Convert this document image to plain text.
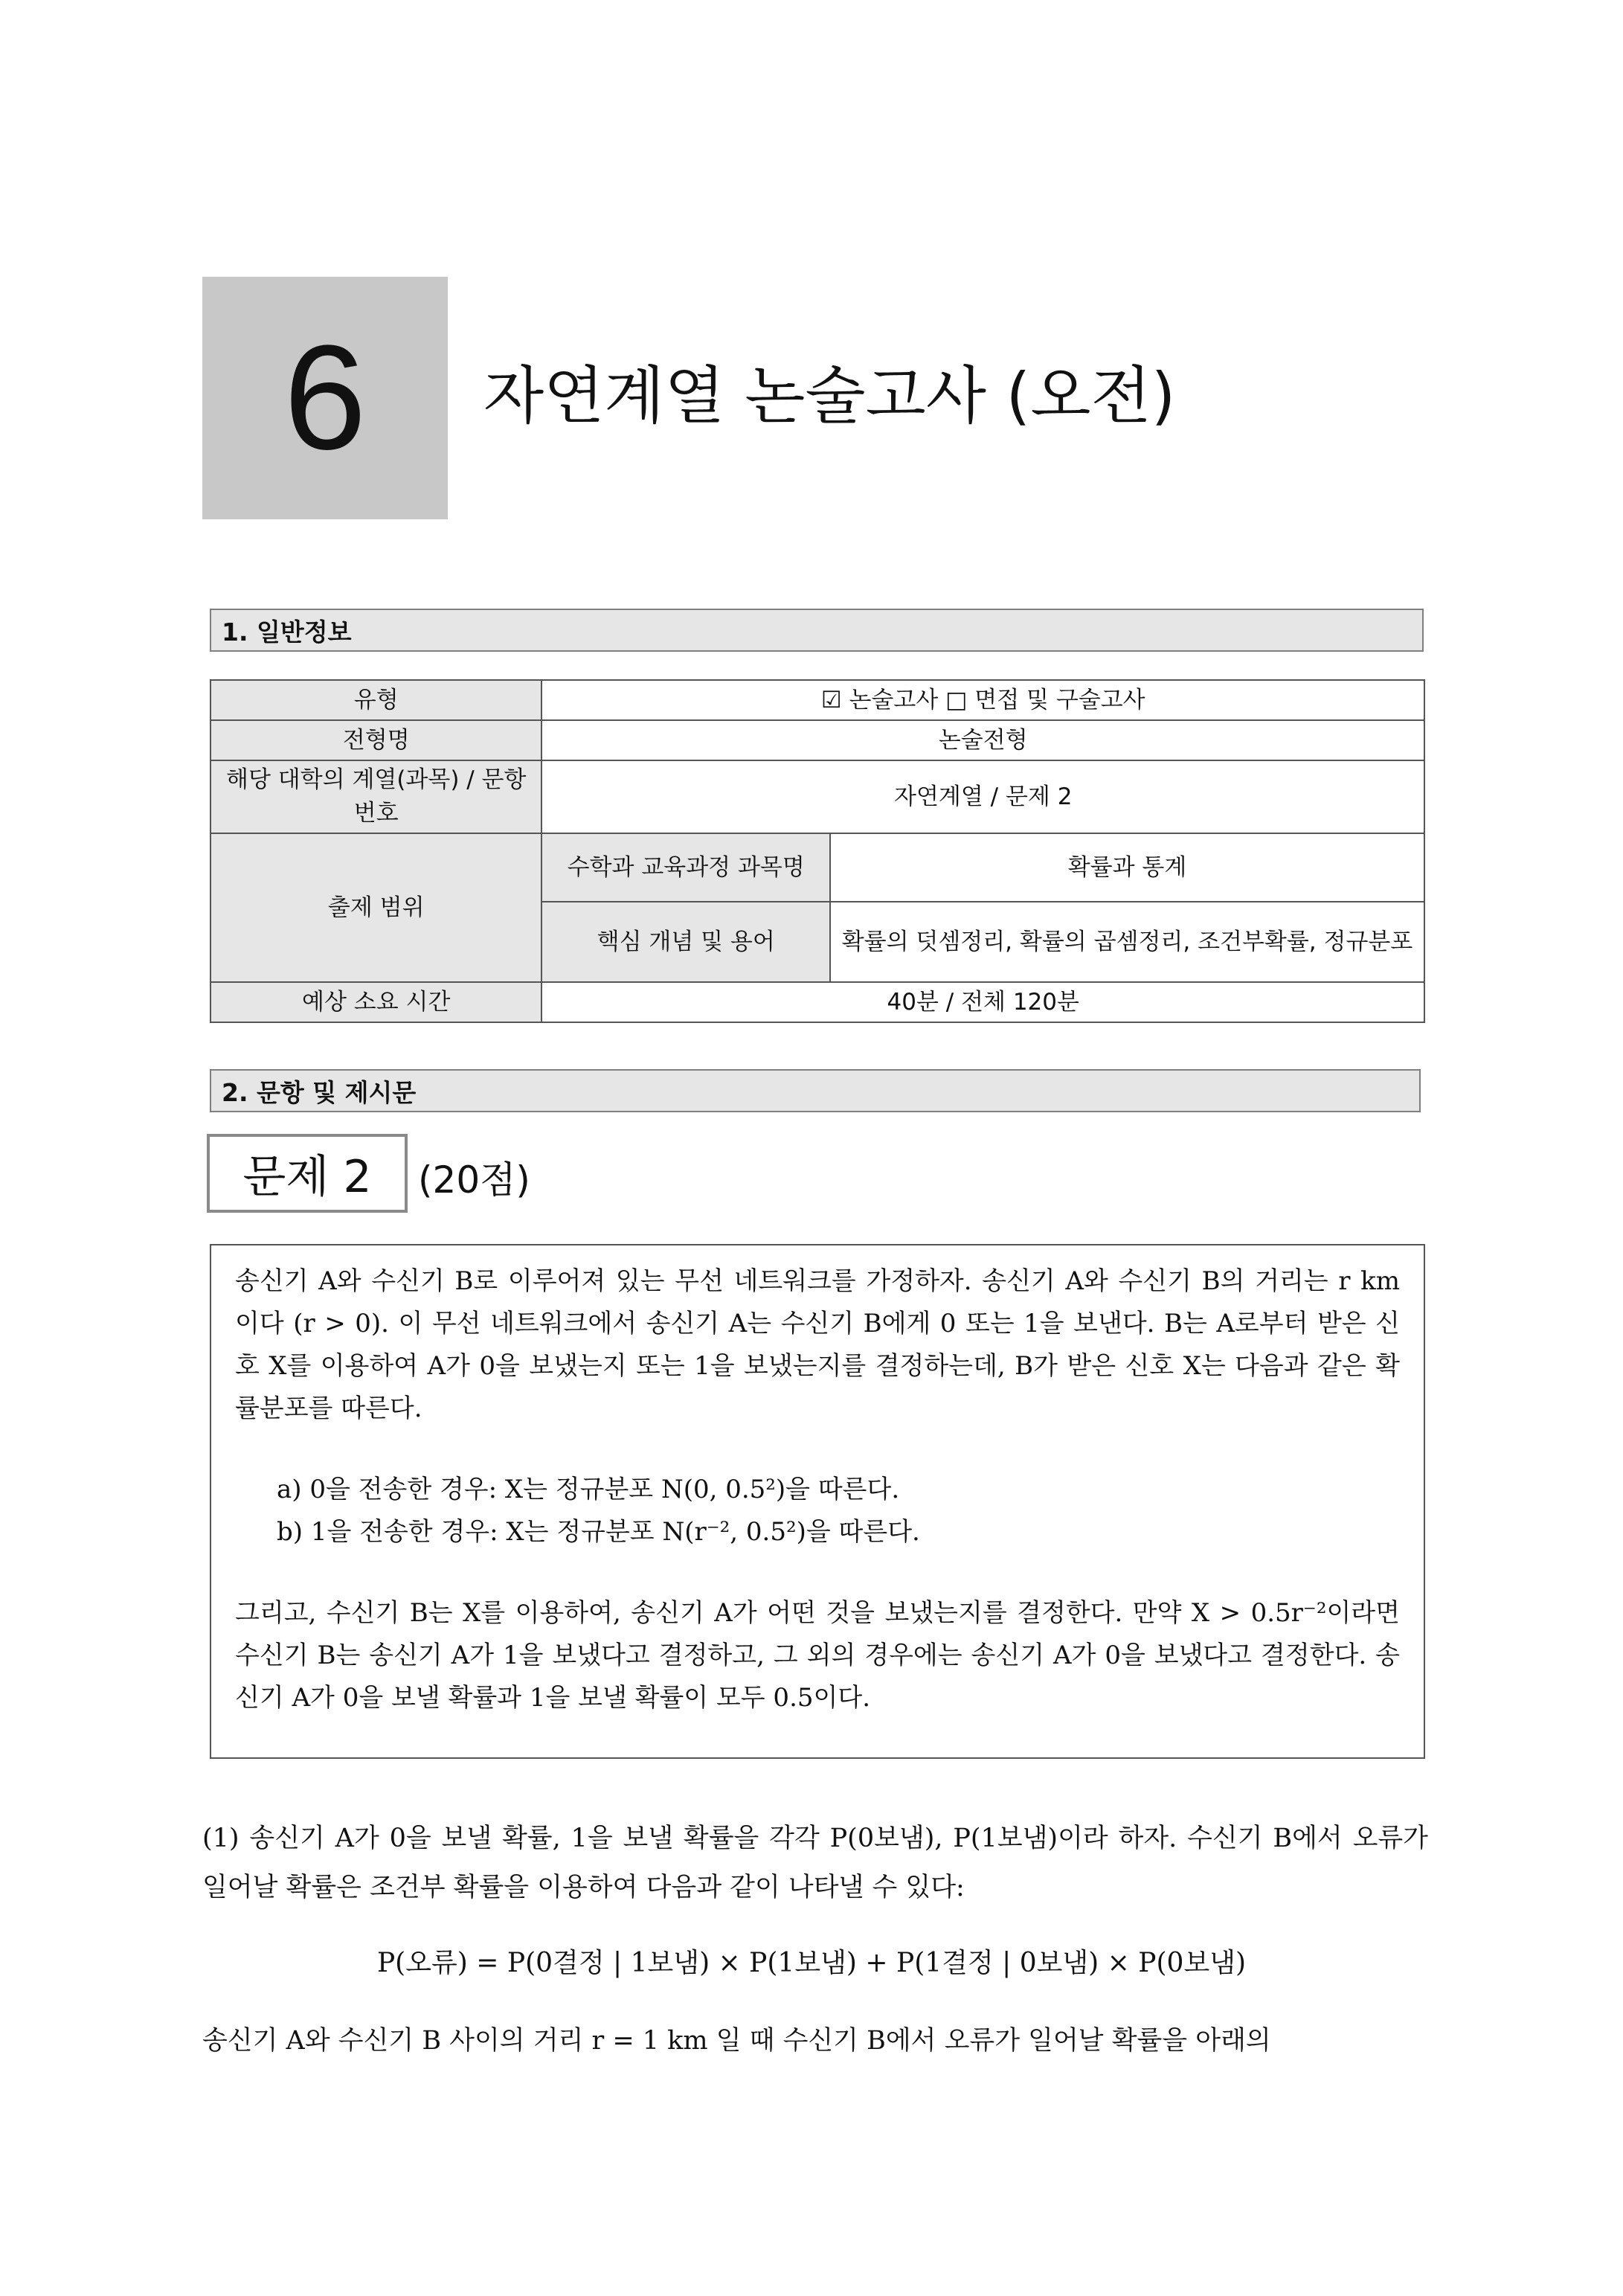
6 자연계열 논술고사 (오전)
1. 일반정보
유형	☑ 논술고사 □ 면접 및 구술고사	
전형명	논술전형	
해당 대학의 계열(과목) / 문항번호	자연계열 / 문제 2	
출제 범위	수학과 교육과정 과목명	확률과 통계
	핵심 개념 및 용어	확률의 덧셈정리, 확률의 곱셈정리, 조건부확률, 정규분포
예상 소요 시간	40분 / 전체 120분	
2. 문항 및 제시문
문제 2 (20점)

송신기 A와 수신기 B로 이루어져 있는 무선 네트워크를 가정하자. 송신기 A와 수신기 B의 거리는 r km 이다 (r > 0). 이 무선 네트워크에서 송신기 A는 수신기 B에게 0 또는 1을 보낸다. B는 A로부터 받은 신호 X를 이용하여 A가 0을 보냈는지 또는 1을 보냈는지를 결정하는데, B가 받은 신호 X는 다음과 같은 확률분포를 따른다.

a) 0을 전송한 경우: X는 정규분포 N(0, 0.5²)을 따른다.

b) 1을 전송한 경우: X는 정규분포 N(r⁻², 0.5²)을 따른다.

그리고, 수신기 B는 X를 이용하여, 송신기 A가 어떤 것을 보냈는지를 결정한다. 만약 X > 0.5r⁻²이라면 수신기 B는 송신기 A가 1을 보냈다고 결정하고, 그 외의 경우에는 송신기 A가 0을 보냈다고 결정한다. 송신기 A가 0을 보낼 확률과 1을 보낼 확률이 모두 0.5이다.

(1) 송신기 A가 0을 보낼 확률, 1을 보낼 확률을 각각 P(0보냄), P(1보냄)이라 하자. 수신기 B에서 오류가 일어날 확률은 조건부 확률을 이용하여 다음과 같이 나타낼 수 있다:
P(오류) = P(0결정 | 1보냄) × P(1보냄) + P(1결정 | 0보냄) × P(0보냄)
송신기 A와 수신기 B 사이의 거리 r = 1 km 일 때 수신기 B에서 오류가 일어날 확률을 아래의
